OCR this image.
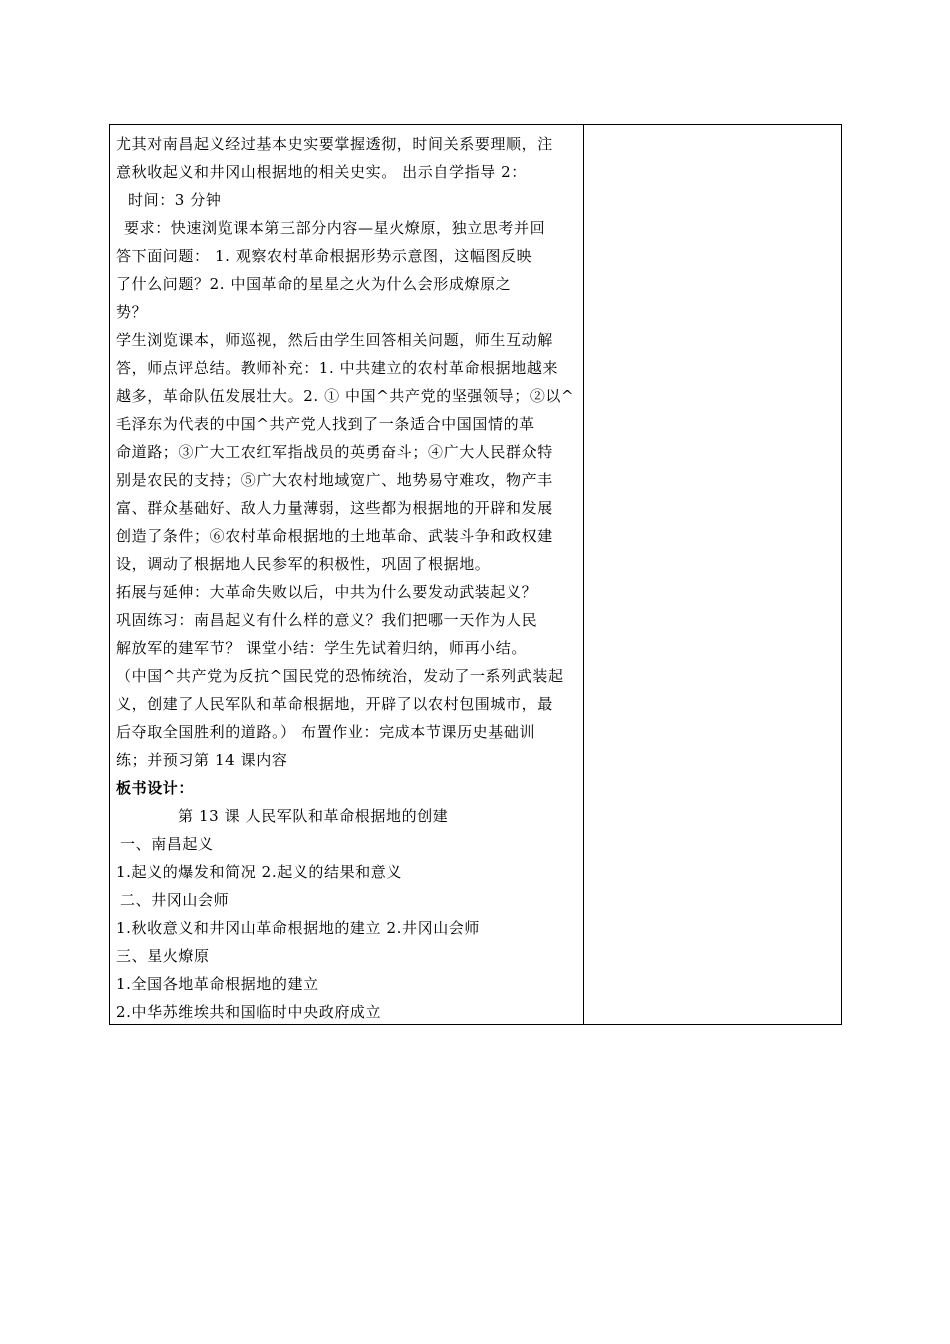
尤其对南昌起义经过基本史实要掌握透彻，时间关系要理顺，注

意秋收起义和井冈山根据地的相关史实。 出示自学指导 2：

时间：3 分钟

要求：快速浏览课本第三部分内容—星火燎原，独立思考并回

答下面问题： 1. 观察农村革命根据形势示意图，这幅图反映

了什么问题？2. 中国革命的星星之火为什么会形成燎原之

势？

学生浏览课本，师巡视，然后由学生回答相关问题，师生互动解

答，师点评总结。教师补充：1. 中共建立的农村革命根据地越来

越多，革命队伍发展壮大。2. ① 中国^共产党的坚强领导；②以^

毛泽东为代表的中国^共产党人找到了一条适合中国国情的革

命道路；③广大工农红军指战员的英勇奋斗；④广大人民群众特

别是农民的支持；⑤广大农村地域宽广、地势易守难攻，物产丰

富、群众基础好、敌人力量薄弱，这些都为根据地的开辟和发展

创造了条件；⑥农村革命根据地的土地革命、武装斗争和政权建

设，调动了根据地人民参军的积极性，巩固了根据地。

拓展与延伸：大革命失败以后，中共为什么要发动武装起义？

巩固练习：南昌起义有什么样的意义？我们把哪一天作为人民

解放军的建军节？ 课堂小结：学生先试着归纳，师再小结。

（中国^共产党为反抗^国民党的恐怖统治，发动了一系列武装起

义，创建了人民军队和革命根据地，开辟了以农村包围城市，最

后夺取全国胜利的道路。） 布置作业：完成本节课历史基础训

练；并预习第 14 课内容

板书设计：

第 13 课 人民军队和革命根据地的创建

一、南昌起义

1.起义的爆发和简况 2.起义的结果和意义

二、井冈山会师

1.秋收意义和井冈山革命根据地的建立 2.井冈山会师

三、星火燎原

1.全国各地革命根据地的建立

2.中华苏维埃共和国临时中央政府成立
